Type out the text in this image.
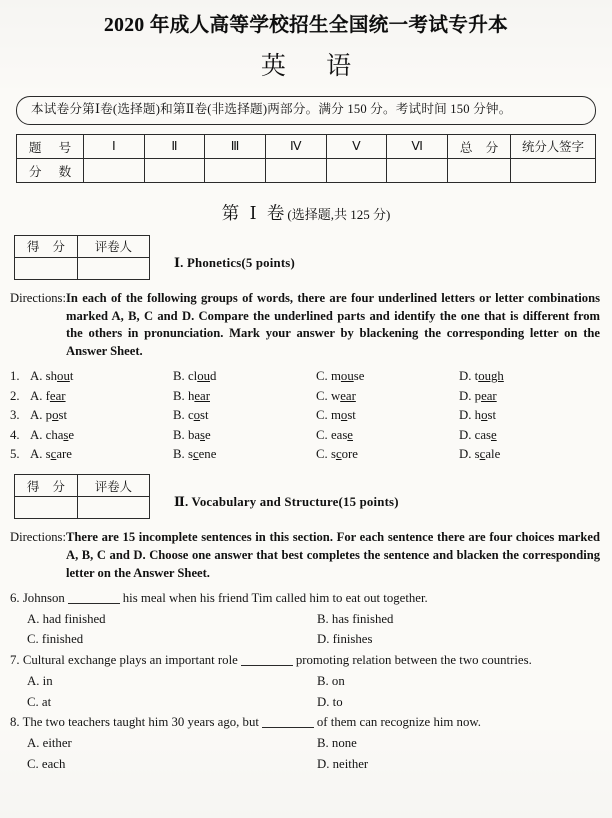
2020 年成人高等学校招生全国统一考试专升本
英 语
本试卷分第Ⅰ卷(选择题)和第Ⅱ卷(非选择题)两部分。满分 150 分。考试时间 150 分钟。
题 号	Ⅰ	Ⅱ	Ⅲ	Ⅳ	Ⅴ	Ⅵ	总 分	统分人签字
分 数								
第 Ⅰ 卷(选择题,共 125 分)
得 分	评卷人

Ⅰ. Phonetics(5 points)
Directions: In each of the following groups of words, there are four underlined letters or letter combinations marked A, B, C and D. Compare the underlined parts and identify the one that is different from the others in pronunciation. Mark your answer by blackening the corresponding letter on the Answer Sheet.
1. A. shout	B. cloud	C. mouse	D. tough
2. A. fear	B. hear	C. wear	D. pear
3. A. post	B. cost	C. most	D. host
4. A. chase	B. base	C. ease	D. case
5. A. scare	B. scene	C. score	D. scale
得 分	评卷人

Ⅱ. Vocabulary and Structure(15 points)
Directions: There are 15 incomplete sentences in this section. For each sentence there are four choices marked A, B, C and D. Choose one answer that best completes the sentence and blacken the corresponding letter on the Answer Sheet.
6. Johnson	his meal when his friend Tim called him to eat out together.
A. had finished	B. has finished
C. finished	D. finishes
7. Cultural exchange plays an important role	promoting relation between the two countries.
A. in	B. on
C. at	D. to
8. The two teachers taught him 30 years ago, but	of them can recognize him now.
A. either	B. none
C. each	D. neither
